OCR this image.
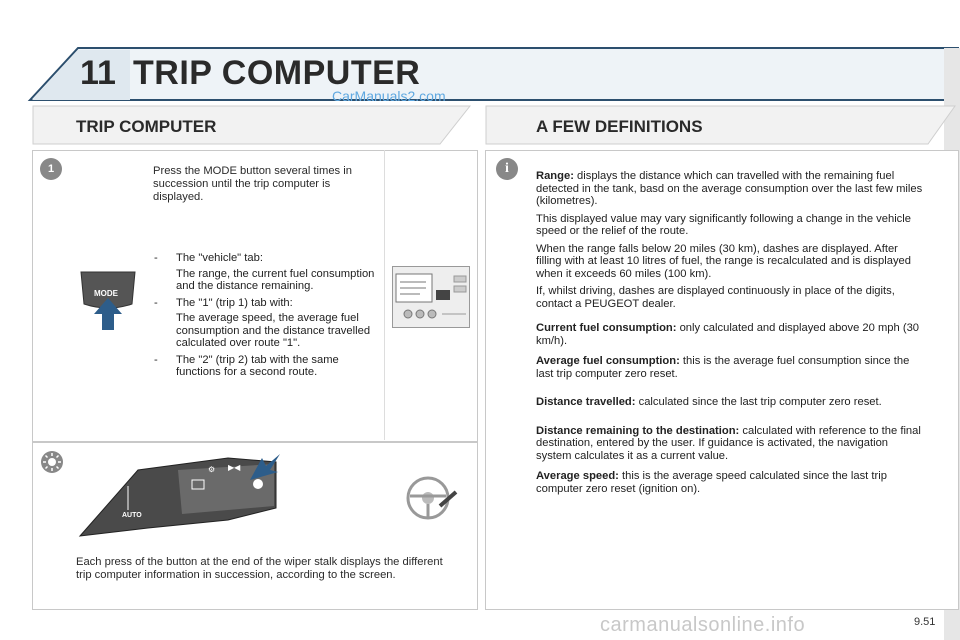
11 TRIP COMPUTER
CarManuals2.com
TRIP COMPUTER	A FEW DEFINITIONS
1	Press the MODE button several times in succession until the trip computer is displayed.
MODE
- The "vehicle" tab:
The range, the current fuel consumption and the distance remaining.
- The "1" (trip 1) tab with:
The average speed, the average fuel consumption and the distance travelled calculated over route "1".
- The "2" (trip 2) tab with the same functions for a second route.
⚙ ▶◀
AUTO
Each press of the button at the end of the wiper stalk displays the different trip computer information in succession, according to the screen.
i	Range: displays the distance which can travelled with the remaining fuel detected in the tank, basd on the average consumption over the last few miles (kilometres).

This displayed value may vary significantly following a change in the vehicle speed or the relief of the route.

When the range falls below 20 miles (30 km), dashes are displayed. After filling with at least 10 litres of fuel, the range is recalculated and is displayed when it exceeds 60 miles (100 km).

If, whilst driving, dashes are displayed continuously in place of the digits, contact a PEUGEOT dealer.

Current fuel consumption: only calculated and displayed above 20 mph (30 km/h).

Average fuel consumption: this is the average fuel consumption since the last trip computer zero reset.

Distance travelled: calculated since the last trip computer zero reset.

Distance remaining to the destination: calculated with reference to the final destination, entered by the user. If guidance is activated, the navigation system calculates it as a current value.

Average speed: this is the average speed calculated since the last trip computer zero reset (ignition on).

carmanualsonline.info	9.51
